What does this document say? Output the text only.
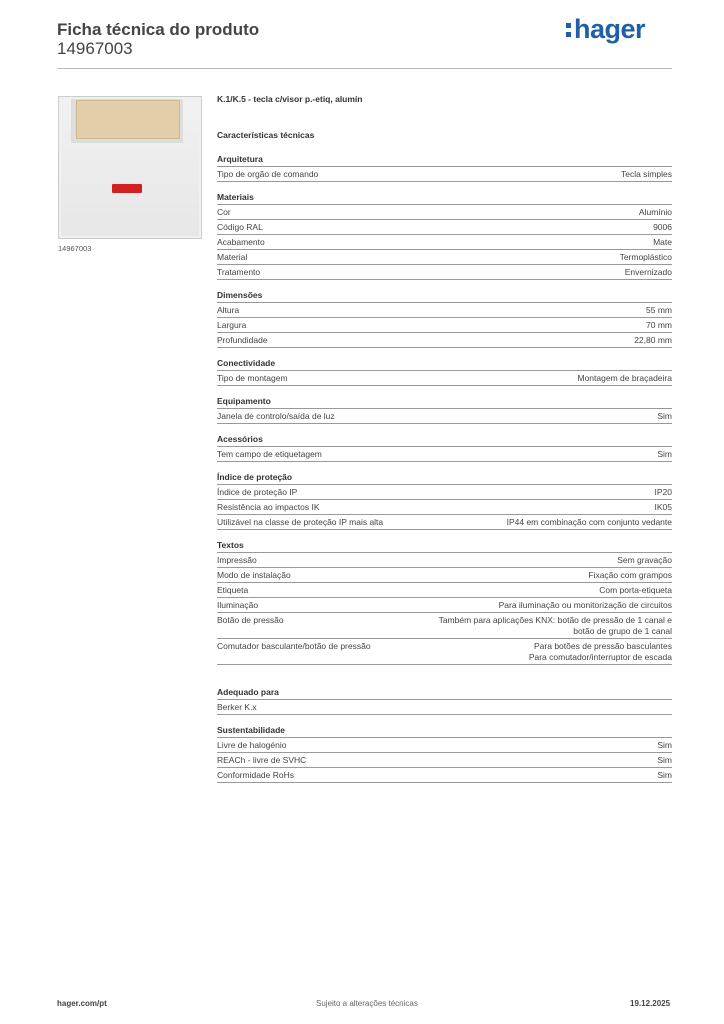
Ficha técnica do produto
14967003
hager
14967003
K.1/K.5 - tecla c/visor p.-etiq, alumín
Características técnicas
Arquitetura
Tipo de orgão de comando	Tecla simples
Materiais
Cor	Alumínio
Código RAL	9006
Acabamento	Mate
Material	Termoplástico
Tratamento	Envernizado
Dimensões
Altura	55 mm
Largura	70 mm
Profundidade	22,80 mm
Conectividade
Tipo de montagem	Montagem de braçadeira
Equipamento
Janela de controlo/saída de luz	Sim
Acessórios
Tem campo de etiquetagem	Sim
Índice de proteção
Índice de proteção IP	IP20
Resistência ao impactos IK	IK05
Utilizável na classe de proteção IP mais alta	IP44 em combinação com conjunto vedante
Textos
Impressão	Sem gravação
Modo de instalação	Fixação com grampos
Etiqueta	Com porta-etiqueta
Iluminação	Para iluminação ou monitorização de circuitos
Botão de pressão	Também para aplicações KNX: botão de pressão de 1 canal e
botão de grupo de 1 canal
Comutador basculante/botão de pressão	Para botões de pressão basculantes
Para comutador/interruptor de escada
Adequado para
Berker K.x
Sustentabilidade
Livre de halogénio	Sim
REACh - livre de SVHC	Sim
Conformidade RoHs	Sim
hager.com/pt	Sujeito a alterações técnicas	19.12.2025
